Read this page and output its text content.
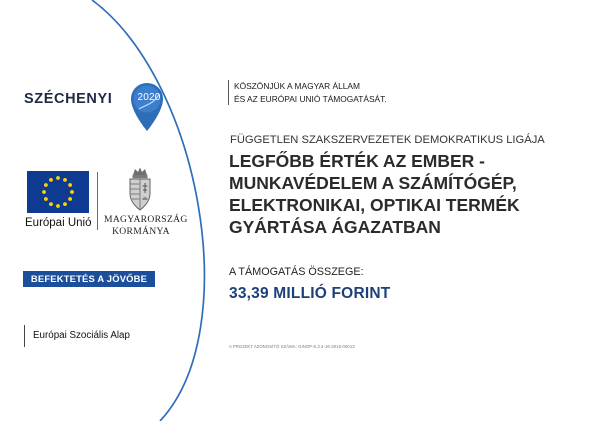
SZÉCHENYI	2020
Európai Unió MAGYARORSZÁG
KORMÁNYA
BEFEKTETÉS A JÖVŐBE
Európai Szociális Alap
KÖSZÖNJÜK A MAGYAR ÁLLAM
ÉS AZ EURÓPAI UNIÓ TÁMOGATÁSÁT.
FÜGGETLEN SZAKSZERVEZETEK DEMOKRATIKUS LIGÁJA
LEGFŐBB ÉRTÉK AZ EMBER -
MUNKAVÉDELEM A SZÁMÍTÓGÉP,
ELEKTRONIKAI, OPTIKAI TERMÉK
GYÁRTÁSA ÁGAZATBAN
A TÁMOGATÁS ÖSSZEGE:
33,39 MILLIÓ FORINT
A PROJEKT AZONOSÍTÓ SZÁMA: GINOP-5.3.4-16-2016-00013
